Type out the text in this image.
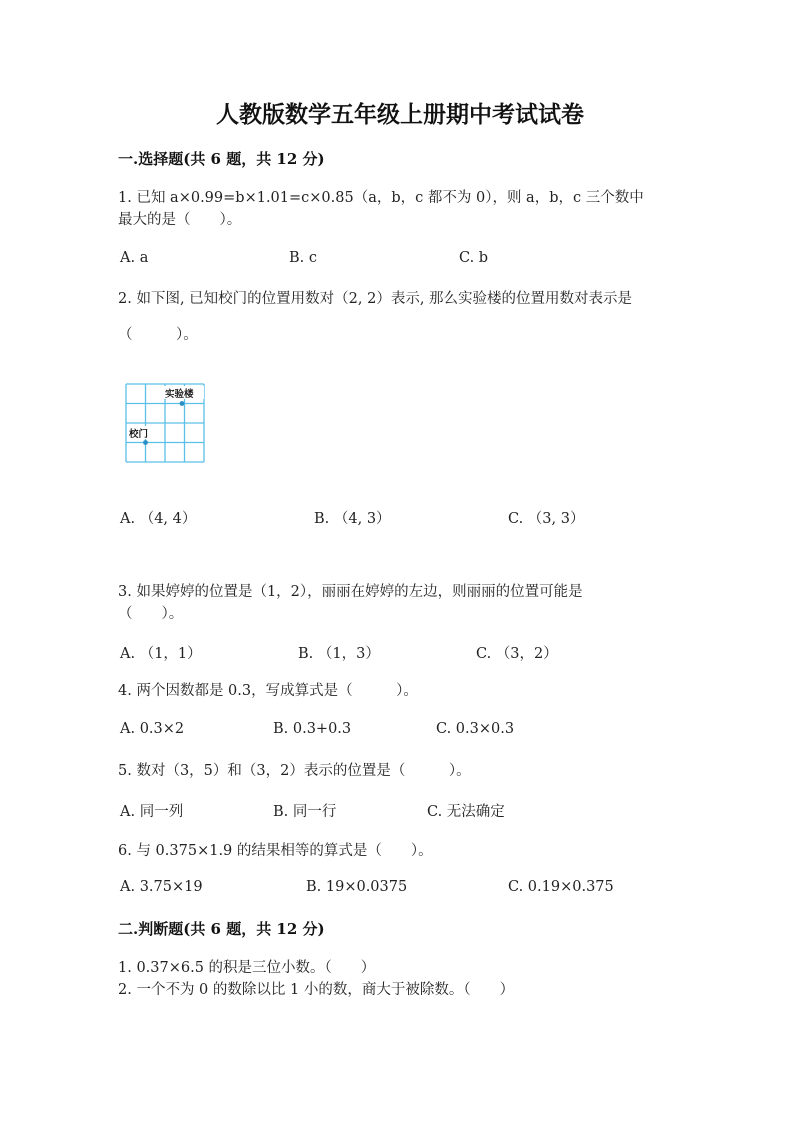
人教版数学五年级上册期中考试试卷
一.选择题(共 6 题，共 12 分)
1. 已知 a×0.99=b×1.01=c×0.85（a，b，c 都不为 0），则 a，b，c 三个数中
最大的是（　　）。
A. a	B. c	C. b
2. 如下图, 已知校门的位置用数对（2, 2）表示, 那么实验楼的位置用数对表示是
（　　　）。
实验楼
校门
A. （4, 4）	B. （4, 3）	C. （3, 3）
3. 如果婷婷的位置是（1，2），丽丽在婷婷的左边，则丽丽的位置可能是
（　　）。
A. （1，1）	B. （1，3）	C. （3，2）
4. 两个因数都是 0.3，写成算式是（　　　）。
A. 0.3×2	B. 0.3+0.3	C. 0.3×0.3
5. 数对（3，5）和（3，2）表示的位置是（　　　）。
A. 同一列	B. 同一行	C. 无法确定
6. 与 0.375×1.9 的结果相等的算式是（　　）。
A. 3.75×19	B. 19×0.0375	C. 0.19×0.375
二.判断题(共 6 题，共 12 分)
1. 0.37×6.5 的积是三位小数。（　　）
2. 一个不为 0 的数除以比 1 小的数，商大于被除数。（　　）
